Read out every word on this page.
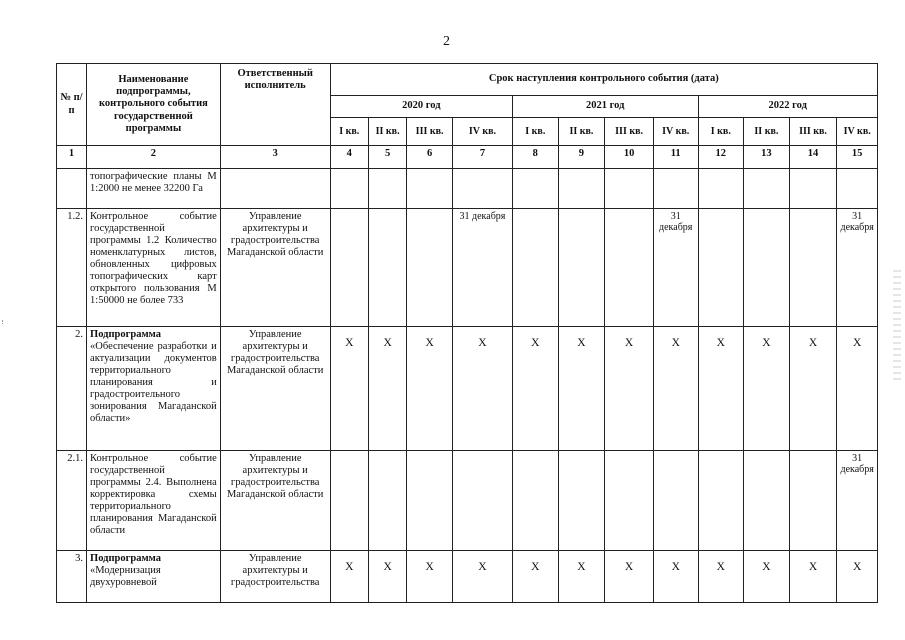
2
№ п/п	Наименование подпрограммы, контрольного события государственной программы	Ответственный исполнитель	Срок наступления контрольного события (дата)											
			2020 год				2021 год				2022 год			
			I кв.	II кв.	III кв.	IV кв.	I кв.	II кв.	III кв.	IV кв.	I кв.	II кв.	III кв.	IV кв.
1	2	3	4	5	6	7	8	9	10	11	12	13	14	15
	топографические планы М 1:2000 не менее 32200 Га													
1.2.	Контрольное событие государственной программы 1.2 Количество номенклатурных листов, обновленных цифровых топографических карт открытого пользования М 1:50000 не более 733	Управление архитектуры и градостроительства Магаданской области				31 декабря				31 декабря				31 декабря
2.	Подпрограмма «Обеспечение разработки и актуализации документов территориального планирования и градостроительного зонирования Магаданской области»	Управление архитектуры и градостроительства Магаданской области	Х	Х	Х	Х	Х	Х	Х	Х	Х	Х	Х	Х
2.1.	Контрольное событие государственной программы 2.4. Выполнена корректировка схемы территориального планирования Магаданской области	Управление архитектуры и градостроительства Магаданской области												31 декабря
3.	Подпрограмма «Модернизация двухуровневой	Управление архитектуры и градостроительства	Х	Х	Х	Х	Х	Х	Х	Х	Х	Х	Х	Х
